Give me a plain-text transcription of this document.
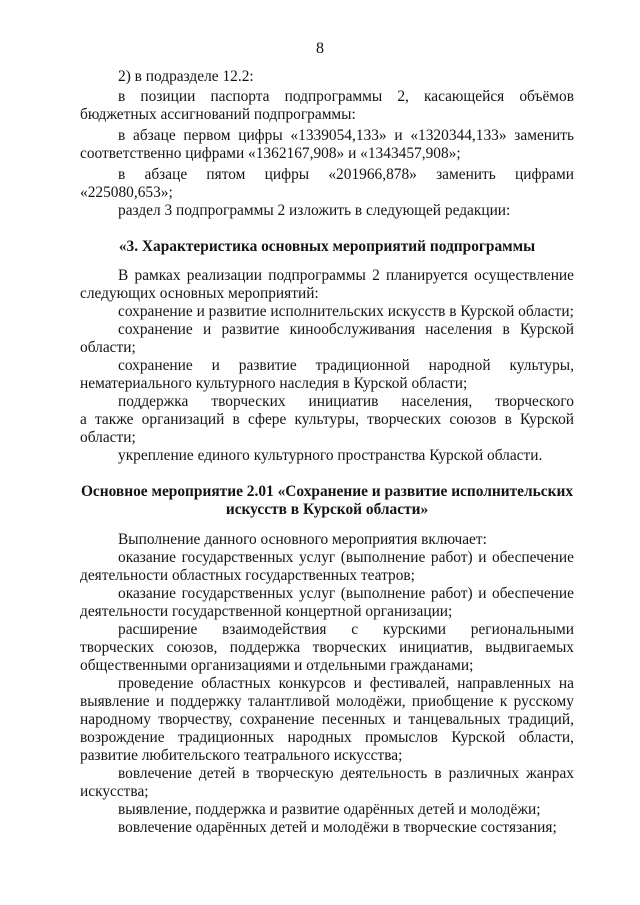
8
2) в подразделе 12.2:
в позиции паспорта подпрограммы 2, касающейся объёмов
бюджетных ассигнований подпрограммы:
в абзаце первом цифры «1339054,133» и «1320344,133» заменить
соответственно цифрами «1362167,908» и «1343457,908»;
в абзаце пятом цифры «201966,878» заменить цифрами
«225080,653»;
раздел 3 подпрограммы 2 изложить в следующей редакции:
«3. Характеристика основных мероприятий подпрограммы
В рамках реализации подпрограммы 2 планируется осуществление
следующих основных мероприятий:
сохранение и развитие исполнительских искусств в Курской области;
сохранение и развитие кинообслуживания населения в Курской
области;
сохранение и развитие традиционной народной культуры,
нематериального культурного наследия в Курской области;
поддержка творческих инициатив населения, творческого
а также организаций в сфере культуры, творческих союзов в Курской
области;
укрепление единого культурного пространства Курской области.
Основное мероприятие 2.01 «Сохранение и развитие исполнительских
искусств в Курской области»
Выполнение данного основного мероприятия включает:
оказание государственных услуг (выполнение работ) и обеспечение
деятельности областных государственных театров;
оказание государственных услуг (выполнение работ) и обеспечение
деятельности государственной концертной организации;
расширение взаимодействия с курскими региональными
творческих союзов, поддержка творческих инициатив, выдвигаемых
общественными организациями и отдельными гражданами;
проведение областных конкурсов и фестивалей, направленных на
выявление и поддержку талантливой молодёжи, приобщение к русскому
народному творчеству, сохранение песенных и танцевальных традиций,
возрождение традиционных народных промыслов Курской области,
развитие любительского театрального искусства;
вовлечение детей в творческую деятельность в различных жанрах
искусства;
выявление, поддержка и развитие одарённых детей и молодёжи;
вовлечение одарённых детей и молодёжи в творческие состязания;
